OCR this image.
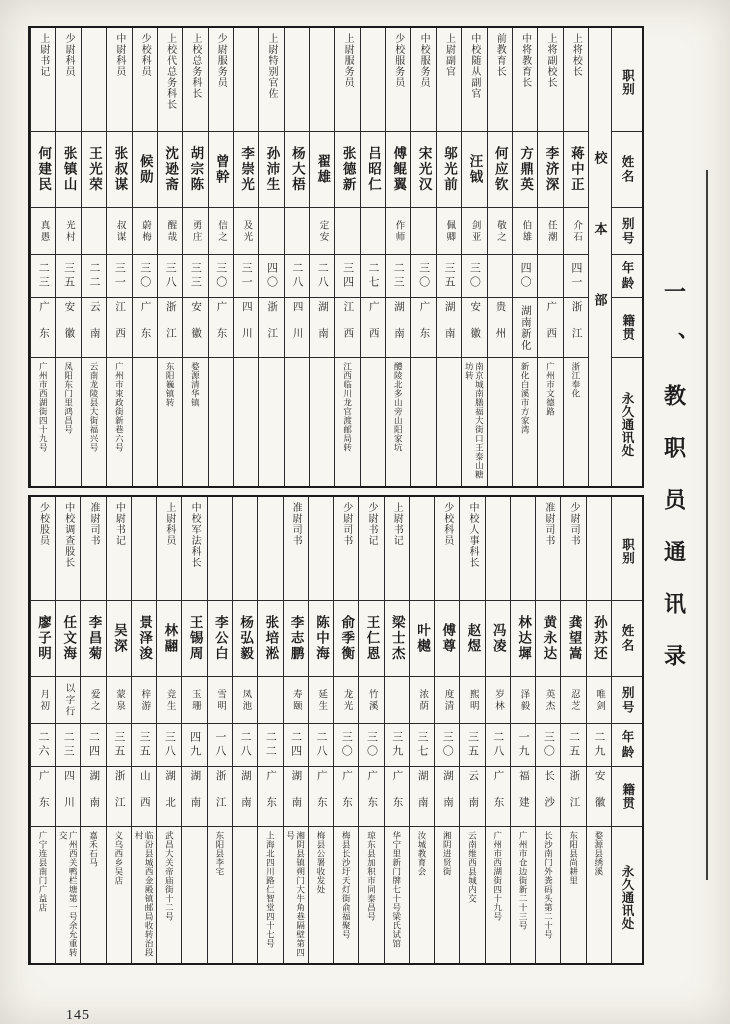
职别
姓名
别号
年龄
籍贯
永久通讯处
校本部
上将校长
蒋中正
介石
四一
浙江
浙江奉化
上将副校长
李济深
任潮
广西
广州市文德路
中将教育长
方鼎英
伯雄
四〇
湖南新化
新化白溪市方家湾
前教育长
何应钦
敬之
贵州
中校随从副官
汪钺
剑亚
三〇
安徽
南京城南膳福大街口王泰山糖坊转
上尉副官
邬光前
佩卿
三五
湖南
中校服务员
宋光汉
三〇
广东
少校服务员
傅鲲翼
作师
二三
湖南
醴陵北多山旁山阳家坑
吕昭仁
二七
广西
上尉服务员
张德新
三四
江西
江西临川龙官渡邮局转
翟雄
定安
二八
湖南
杨大梧
二八
四川
上尉特别官佐
孙沛生
四〇
浙江
李崇光
及光
三一
四川
少尉服务员
曾幹
信之
三〇
广东
上校总务科长
胡宗陈
勇庄
三三
安徽
婺源清华镇
上校代总务科长
沈逊斋
醒哉
三八
浙江
东阳巍镇转
少校科员
候勋
蔚梅
三〇
广东
中尉科员
张叔谋
叔谋
三一
江西
广州市束政街新巷六号
王光荣
二二
云南
云南龙陵县大街福兴号
少尉科员
张镇山
光村
三五
安徽
凤阳东门里鸿昌号
上尉书记
何建民
真愚
二三
广东
广州市西湖街四十九号
职别
姓名
别号
年龄
籍贯
永久通讯处
孙苏还
唯剑
二九
安徽
婺源县绣溪
少尉司书
龚望嵩
忍芝
二五
浙江
东阳县尚耕里
准尉司书
黄永达
英杰
三〇
长沙
长沙南门外粪码头第二十号
林达墀
泽毅
一九
福建
广州市仓边街新二十三号
冯凌
岁林
二八
广东
广州市西湖街四十九号
中校人事科长
赵煜
熙明
三五
云南
云南维西县城内交
少校科员
傅尊
度清
三〇
湖南
湘阴进贤街
叶樾
浓荫
三七
湖南
汝城教育会
上尉书记
梁士杰
三九
广东
华宁里新门牌七十号梁氏试馆
少尉书记
王仁恩
竹溪
三〇
广东
琼东县加积市同泰昌号
少尉司书
俞季衡
龙光
三〇
广东
梅县长沙圩天灯街俞福聚号
陈中海
延生
二八
广东
梅县公署收发处
准尉司书
李志鹏
寿颐
二四
湖南
湘阴县镇朔门大牛角巷隔壁第四号
张培淞
二二
广东
上海北四川路仁智堂四十七号
杨弘毅
凤池
二八
湖南
李公白
雪明
一八
浙江
东阳县李宅
中校军法科长
王锡周
玉珊
四九
湖南
上尉科员
林翮
竞生
三八
湖北
武昌大关帝庙街十二号
景泽浚
梓游
三五
山西
临汾县城西金殿镇邮局收转治段村
中尉书记
吴深
蒙泉
三五
浙江
义乌西乡吴店
准尉司书
李昌菊
爱之
二四
湖南
嘉禾石马
中校调查股长
任文海
以字行
二三
四川
广州西关鸭栏塘第一号余允重转交
少校股员
廖子明
月初
二六
广东
广宁连县南门广益店
145
一、教职员通讯录
